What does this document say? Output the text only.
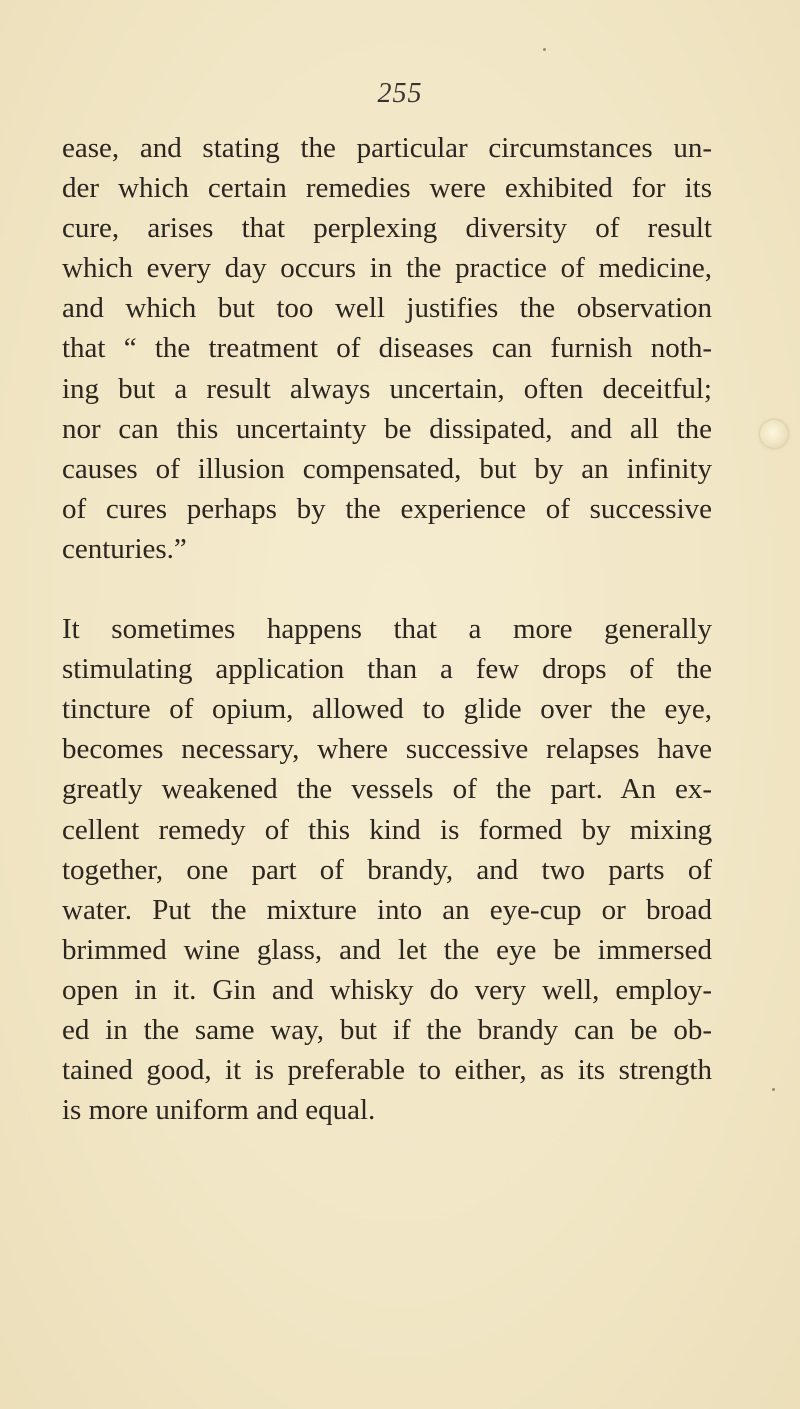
255
ease, and stating the particular circumstances un-
der which certain remedies were exhibited for its
cure, arises that perplexing diversity of result
which every day occurs in the practice of medicine,
and which but too well justifies the observation
that “ the treatment of diseases can furnish noth-
ing but a result always uncertain, often deceitful;
nor can this uncertainty be dissipated, and all the
causes of illusion compensated, but by an infinity
of cures perhaps by the experience of successive
centuries.”
It sometimes happens that a more generally
stimulating application than a few drops of the
tincture of opium, allowed to glide over the eye,
becomes necessary, where successive relapses have
greatly weakened the vessels of the part. An ex-
cellent remedy of this kind is formed by mixing
together, one part of brandy, and two parts of
water. Put the mixture into an eye-cup or broad
brimmed wine glass, and let the eye be immersed
open in it. Gin and whisky do very well, employ-
ed in the same way, but if the brandy can be ob-
tained good, it is preferable to either, as its strength
is more uniform and equal.
